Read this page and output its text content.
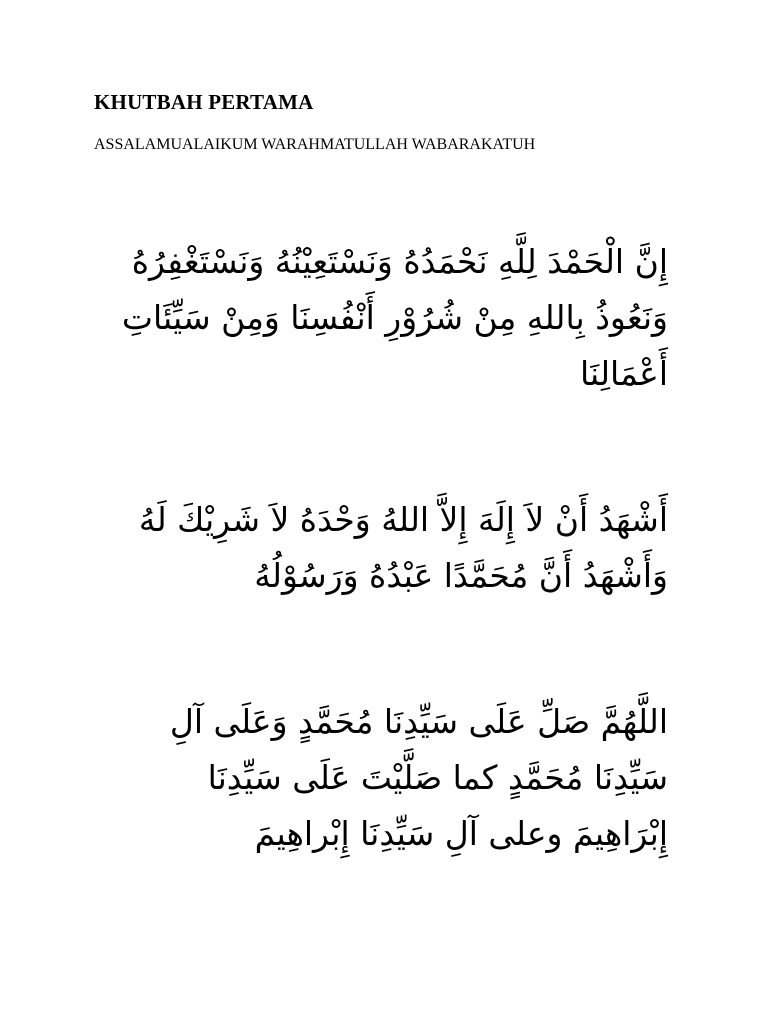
KHUTBAH PERTAMA
ASSALAMUALAIKUM WARAHMATULLAH WABARAKATUH
إِنَّ الْحَمْدَ لِلَّهِ نَحْمَدُهُ وَنَسْتَعِيْنُهُ وَنَسْتَغْفِرُهُ
وَنَعُوذُ بِاللهِ مِنْ شُرُوْرِ أَنْفُسِنَا وَمِنْ سَيِّئَاتِ
أَعْمَالِنَا
أَشْهَدُ أَنْ لاَ إِلَهَ إِلاَّ اللهُ وَحْدَهُ لاَ شَرِيْكَ لَهُ
وَأَشْهَدُ أَنَّ مُحَمَّدًا عَبْدُهُ وَرَسُوْلُهُ
اللَّهُمَّ صَلِّ عَلَى سَيِّدِنَا مُحَمَّدٍ وَعَلَى آلِ
سَيِّدِنَا مُحَمَّدٍ كما صَلَّيْتَ عَلَى سَيِّدِنَا
إِبْرَاهِيمَ وعلى آلِ سَيِّدِنَا إِبْراهِيمَ
